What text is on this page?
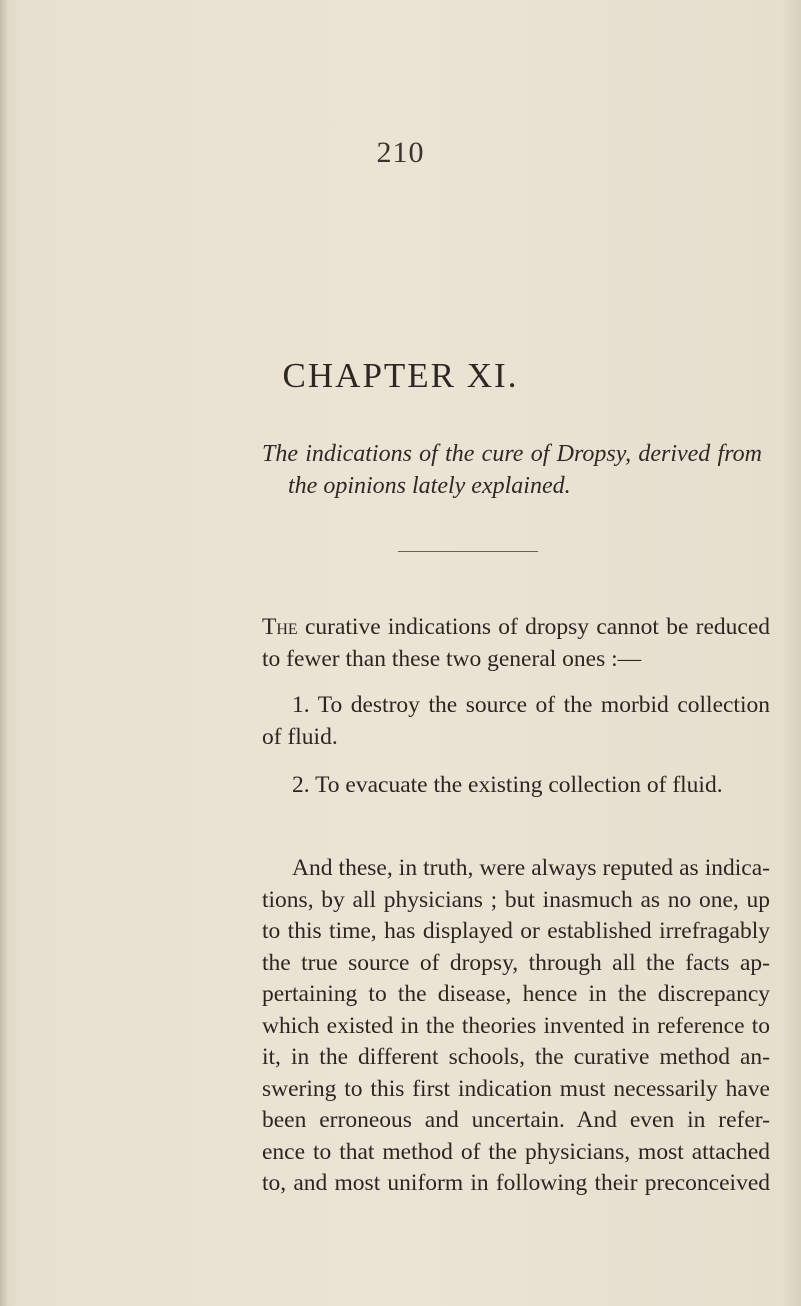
210
CHAPTER XI.
The indications of the cure of Dropsy, derived from
the opinions lately explained.
The curative indications of dropsy cannot be reduced
to fewer than these two general ones :—
1. To destroy the source of the morbid collection
of fluid.
2. To evacuate the existing collection of fluid.
And these, in truth, were always reputed as indica-
tions, by all physicians ; but inasmuch as no one, up
to this time, has displayed or established irrefragably
the true source of dropsy, through all the facts ap-
pertaining to the disease, hence in the discrepancy
which existed in the theories invented in reference to
it, in the different schools, the curative method an-
swering to this first indication must necessarily have
been erroneous and uncertain. And even in refer-
ence to that method of the physicians, most attached
to, and most uniform in following their preconceived
